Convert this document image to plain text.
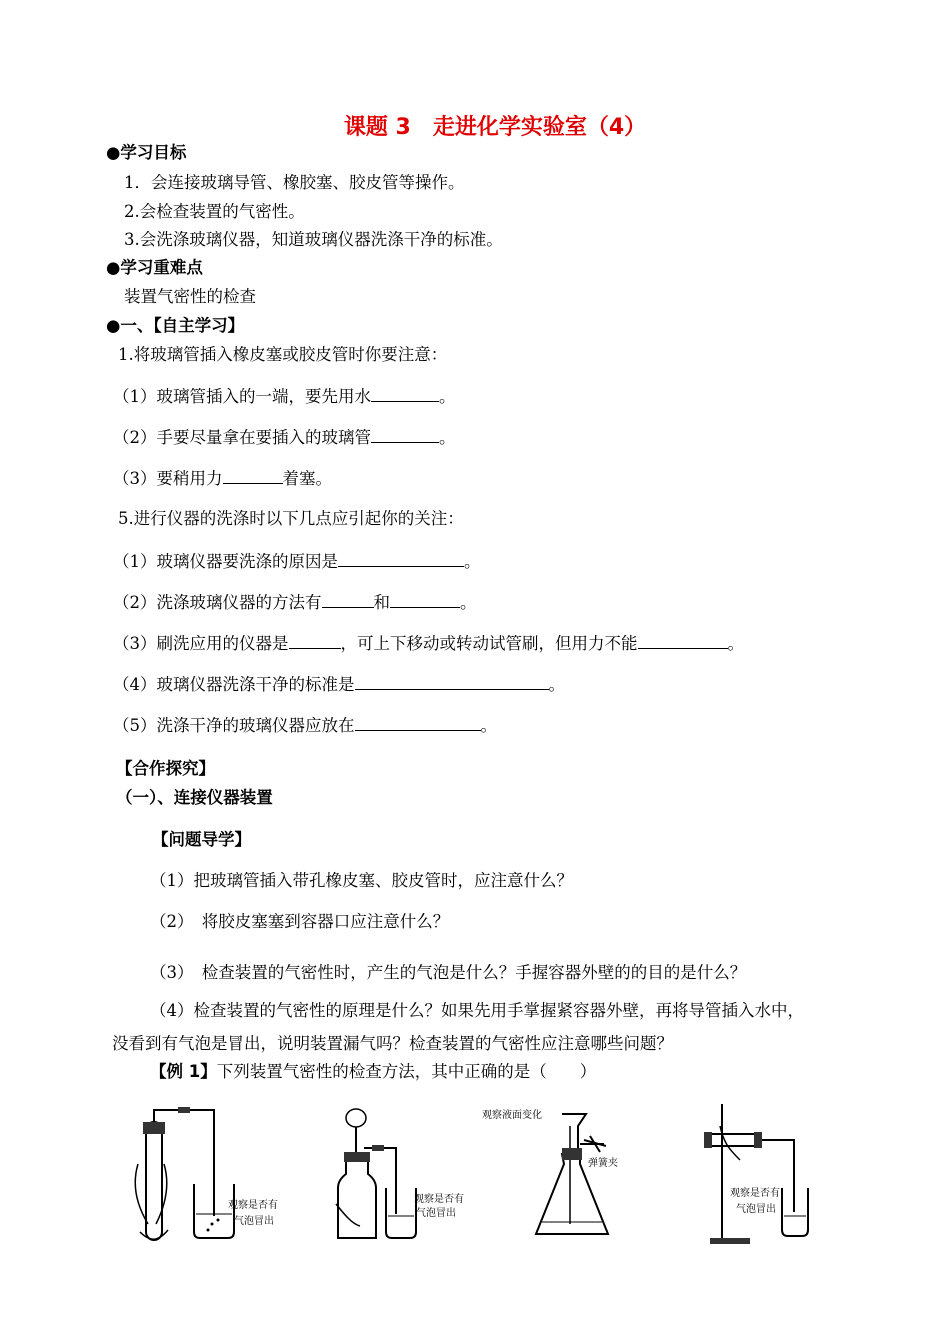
课题 3　走进化学实验室（4）
●学习目标
1．会连接玻璃导管、橡胶塞、胶皮管等操作。
2.会检查装置的气密性。
3.会洗涤玻璃仪器，知道玻璃仪器洗涤干净的标准。
●学习重难点
装置气密性的检查
●一、【自主学习】
1.将玻璃管插入橡皮塞或胶皮管时你要注意：
（1）玻璃管插入的一端，要先用水	。
（2）手要尽量拿在要插入的玻璃管	。
（3）要稍用力	着塞。
5.进行仪器的洗涤时以下几点应引起你的关注：
（1）玻璃仪器要洗涤的原因是	。
（2）洗涤玻璃仪器的方法有	和	。
（3）刷洗应用的仪器是	，可上下移动或转动试管刷，但用力不能	。
（4）玻璃仪器洗涤干净的标准是	。
（5）洗涤干净的玻璃仪器应放在	。
【合作探究】
（一）、连接仪器装置
【问题导学】
（1）把玻璃管插入带孔橡皮塞、胶皮管时，应注意什么？
（2）　将胶皮塞塞到容器口应注意什么？
（3）　检查装置的气密性时，产生的气泡是什么？手握容器外壁的的目的是什么？
（4）检查装置的气密性的原理是什么？如果先用手掌握紧容器外壁，再将导管插入水中，
没看到有气泡是冒出，说明装置漏气吗？检查装置的气密性应注意哪些问题？
【例 1】下列装置气密性的检查方法，其中正确的是（　　）
观察是否有
气泡冒出
观察是否有
气泡冒出
观察液面变化
弹簧夹
观察是否有
气泡冒出
